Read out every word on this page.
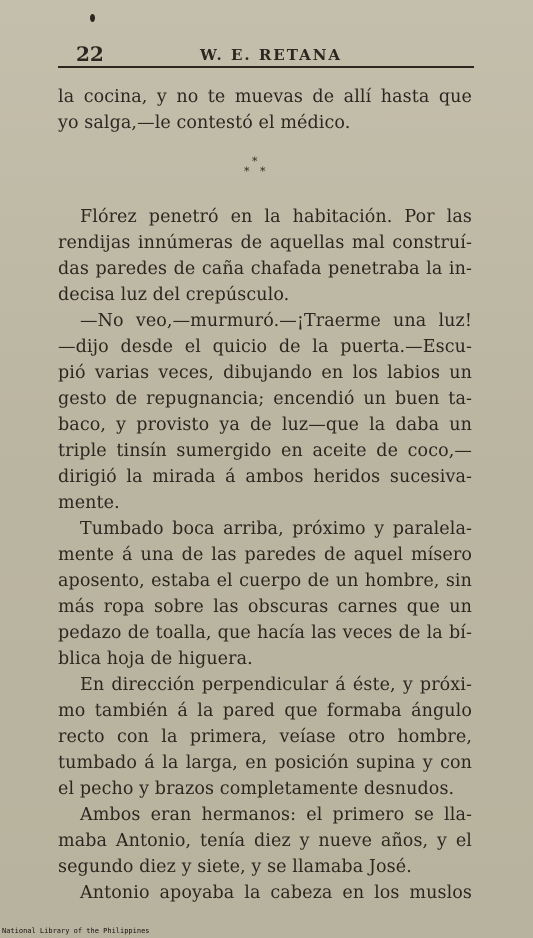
22	W. E. RETANA
*
* *
la cocina, y no te muevas de allí hasta que
yo salga,—le contestó el médico.
Flórez penetró en la habitación. Por las
rendijas innúmeras de aquellas mal construí-
das paredes de caña chafada penetraba la in-
decisa luz del crepúsculo.
—No veo,—murmuró.—¡Traerme una luz!
—dijo desde el quicio de la puerta.—Escu-
pió varias veces, dibujando en los labios un
gesto de repugnancia; encendió un buen ta-
baco, y provisto ya de luz—que la daba un
triple tinsín sumergido en aceite de coco,—
dirigió la mirada á ambos heridos sucesiva-
mente.
Tumbado boca arriba, próximo y paralela-
mente á una de las paredes de aquel mísero
aposento, estaba el cuerpo de un hombre, sin
más ropa sobre las obscuras carnes que un
pedazo de toalla, que hacía las veces de la bí-
blica hoja de higuera.
En dirección perpendicular á éste, y próxi-
mo también á la pared que formaba ángulo
recto con la primera, veíase otro hombre,
tumbado á la larga, en posición supina y con
el pecho y brazos completamente desnudos.
Ambos eran hermanos: el primero se lla-
maba Antonio, tenía diez y nueve años, y el
segundo diez y siete, y se llamaba José.
Antonio apoyaba la cabeza en los muslos
National Library of the Philippines
